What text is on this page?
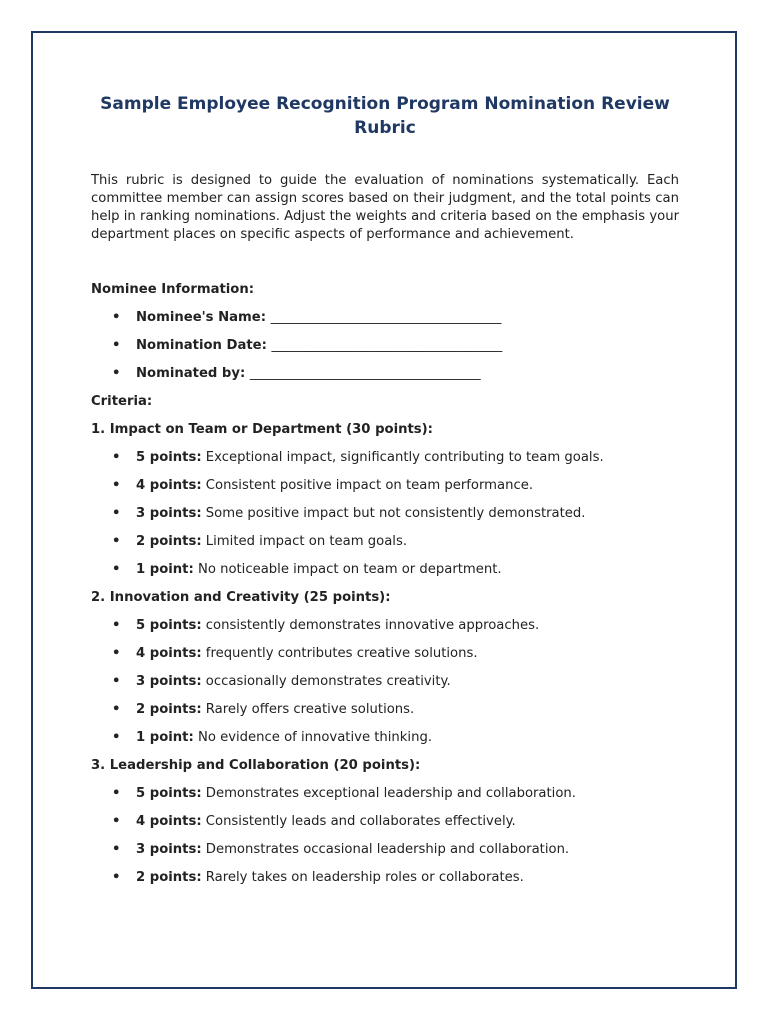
Sample Employee Recognition Program Nomination Review Rubric

This rubric is designed to guide the evaluation of nominations systematically. Each committee member can assign scores based on their judgment, and the total points can help in ranking nominations. Adjust the weights and criteria based on the emphasis your department places on specific aspects of performance and achievement.

Nominee Information:
• Nominee's Name: ___________________________________
• Nomination Date: ___________________________________
• Nominated by: ___________________________________
Criteria:
1. Impact on Team or Department (30 points):
• 5 points: Exceptional impact, significantly contributing to team goals.
• 4 points: Consistent positive impact on team performance.
• 3 points: Some positive impact but not consistently demonstrated.
• 2 points: Limited impact on team goals.
• 1 point: No noticeable impact on team or department.
2. Innovation and Creativity (25 points):
• 5 points: consistently demonstrates innovative approaches.
• 4 points: frequently contributes creative solutions.
• 3 points: occasionally demonstrates creativity.
• 2 points: Rarely offers creative solutions.
• 1 point: No evidence of innovative thinking.
3. Leadership and Collaboration (20 points):
• 5 points: Demonstrates exceptional leadership and collaboration.
• 4 points: Consistently leads and collaborates effectively.
• 3 points: Demonstrates occasional leadership and collaboration.
• 2 points: Rarely takes on leadership roles or collaborates.
